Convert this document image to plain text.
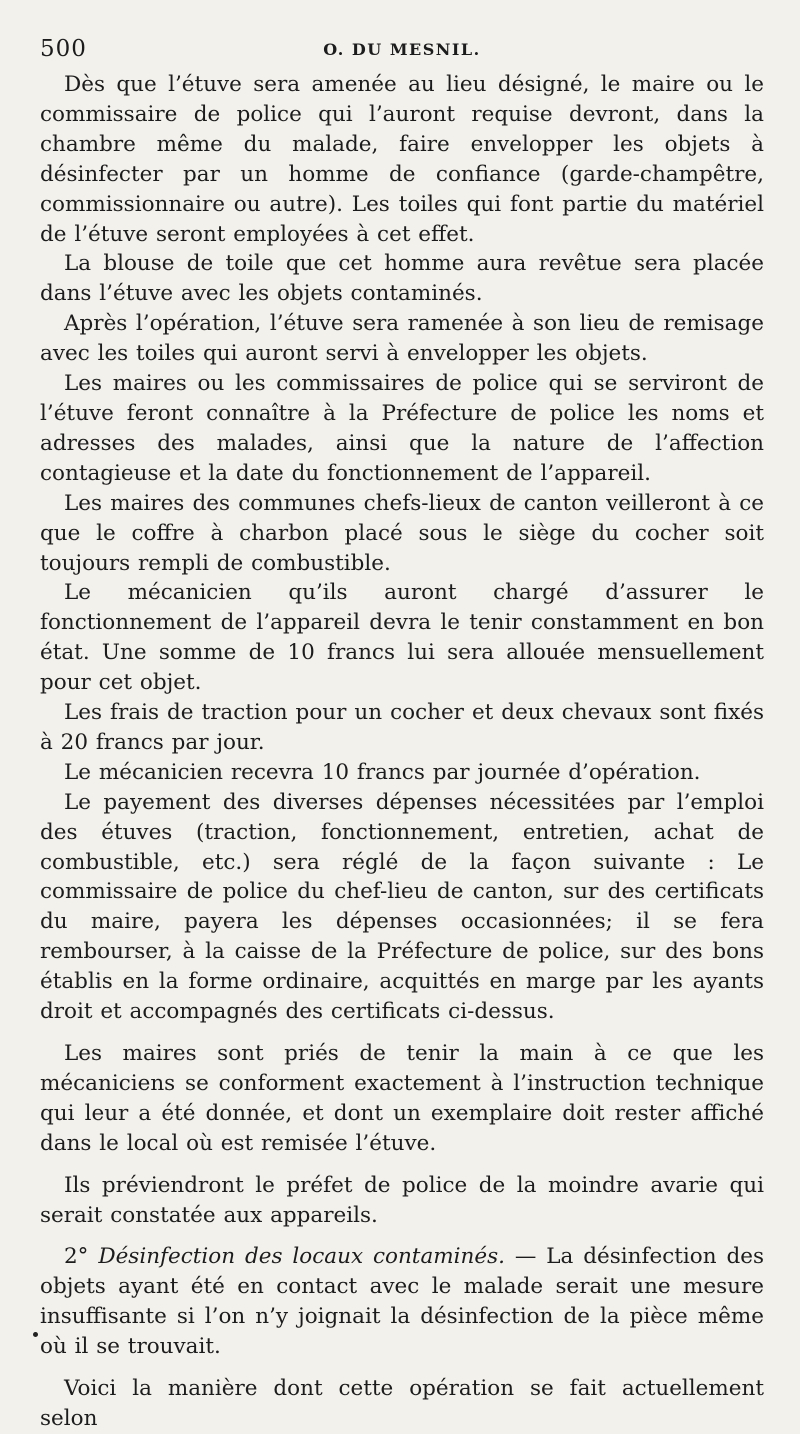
500	O. DU MESNIL.

Dès que l’étuve sera amenée au lieu désigné, le maire ou le commissaire de police qui l’auront requise devront, dans la chambre même du malade, faire envelopper les objets à désinfecter par un homme de confiance (garde-champêtre, commissionnaire ou autre). Les toiles qui font partie du matériel de l’étuve seront employées à cet effet.

La blouse de toile que cet homme aura revêtue sera placée dans l’étuve avec les objets contaminés.

Après l’opération, l’étuve sera ramenée à son lieu de remisage avec les toiles qui auront servi à envelopper les objets.

Les maires ou les commissaires de police qui se serviront de l’étuve feront connaître à la Préfecture de police les noms et adresses des malades, ainsi que la nature de l’affection contagieuse et la date du fonctionnement de l’appareil.

Les maires des communes chefs-lieux de canton veilleront à ce que le coffre à charbon placé sous le siège du cocher soit toujours rempli de combustible.

Le mécanicien qu’ils auront chargé d’assurer le fonctionnement de l’appareil devra le tenir constamment en bon état. Une somme de 10 francs lui sera allouée mensuellement pour cet objet.

Les frais de traction pour un cocher et deux chevaux sont fixés à 20 francs par jour.

Le mécanicien recevra 10 francs par journée d’opération.

Le payement des diverses dépenses nécessitées par l’emploi des étuves (traction, fonctionnement, entretien, achat de combustible, etc.) sera réglé de la façon suivante : Le commissaire de police du chef-lieu de canton, sur des certificats du maire, payera les dépenses occasionnées; il se fera rembourser, à la caisse de la Préfecture de police, sur des bons établis en la forme ordinaire, acquittés en marge par les ayants droit et accompagnés des certificats ci-dessus.

Les maires sont priés de tenir la main à ce que les mécaniciens se conforment exactement à l’instruction technique qui leur a été donnée, et dont un exemplaire doit rester affiché dans le local où est remisée l’étuve.

Ils préviendront le préfet de police de la moindre avarie qui serait constatée aux appareils.

2° Désinfection des locaux contaminés. — La désinfection des objets ayant été en contact avec le malade serait une mesure insuffisante si l’on n’y joignait la désinfection de la pièce même où il se trouvait.

Voici la manière dont cette opération se fait actuellement selon
